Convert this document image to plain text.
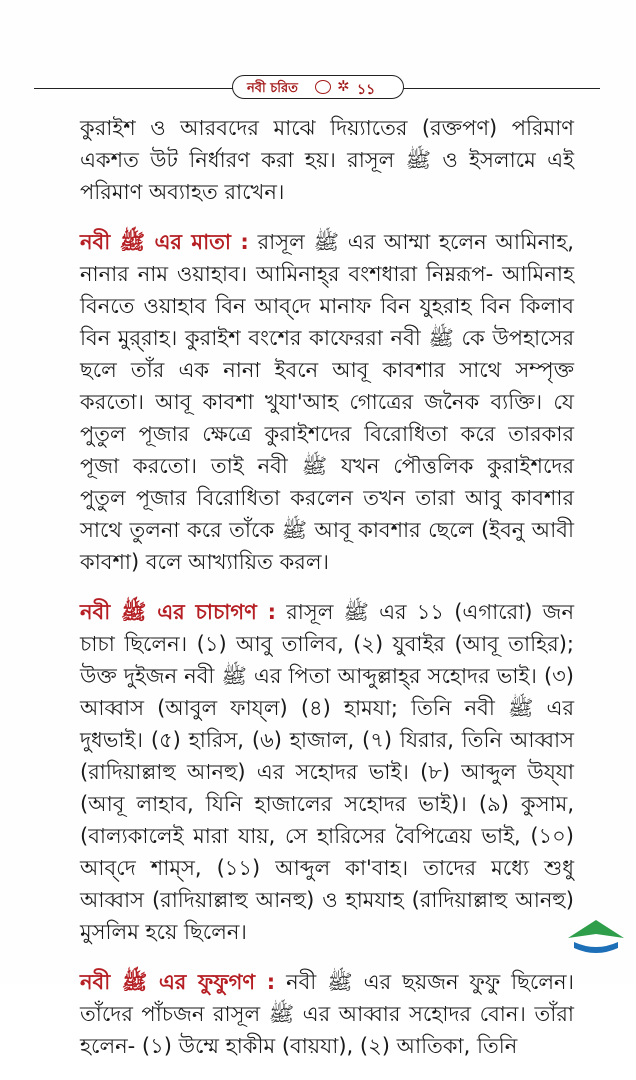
নবী চরিত	✲ ১১

কুরাইশ ও আরবদের মাঝে দিয়্যাতের (রক্তপণ) পরিমাণ একশত উট নির্ধারণ করা হয়। রাসূল ﷺ ও ইসলামে এই পরিমাণ অব্যাহত রাখেন।

নবী ﷺ এর মাতা : রাসূল ﷺ এর আম্মা হলেন আমিনাহ, নানার নাম ওয়াহাব। আমিনাহ্‌র বংশধারা নিম্নরূপ- আমিনাহ বিনতে ওয়াহাব বিন আব্‌দে মানাফ বিন যুহরাহ বিন কিলাব বিন মুর্‌রাহ। কুরাইশ বংশের কাফেররা নবী ﷺ কে উপহাসের ছলে তাঁর এক নানা ইবনে আবূ কাবশার সাথে সম্পৃক্ত করতো। আবূ কাবশা খুযা'আহ গোত্রের জনৈক ব্যক্তি। যে পুতুল পূজার ক্ষেত্রে কুরাইশদের বিরোধিতা করে তারকার পূজা করতো। তাই নবী ﷺ যখন পৌত্তলিক কুরাইশদের পুতুল পূজার বিরোধিতা করলেন তখন তারা আবু কাবশার সাথে তুলনা করে তাঁকে ﷺ আবূ কাবশার ছেলে (ইবনু আবী কাবশা) বলে আখ্যায়িত করল।

নবী ﷺ এর চাচাগণ : রাসূল ﷺ এর ১১ (এগারো) জন চাচা ছিলেন। (১) আবু তালিব, (২) যুবাইর (আবূ তাহির); উক্ত দুইজন নবী ﷺ এর পিতা আব্দুল্লাহ্‌র সহোদর ভাই। (৩) আব্বাস (আবুল ফায্‌ল) (৪) হামযা; তিনি নবী ﷺ এর দুধভাই। (৫) হারিস, (৬) হাজাল, (৭) যিরার, তিনি আব্বাস (রাদিয়াল্লাহু আনহু) এর সহোদর ভাই। (৮) আব্দুল উয্‌যা (আবূ লাহাব, যিনি হাজালের সহোদর ভাই)। (৯) কুসাম, (বাল্যকালেই মারা যায়, সে হারিসের বৈপিত্রেয় ভাই, (১০) আব্‌দে শাম্‌স, (১১) আব্দুল কা'বাহ। তাদের মধ্যে শুধু আব্বাস (রাদিয়াল্লাহু আনহু) ও হামযাহ (রাদিয়াল্লাহু আনহু) মুসলিম হয়ে ছিলেন।

নবী ﷺ এর ফুফুগণ : নবী ﷺ এর ছয়জন ফুফু ছিলেন। তাঁদের পাঁচজন রাসূল ﷺ এর আব্বার সহোদর বোন। তাঁরা হলেন- (১) উম্মে হাকীম (বায়যা), (২) আতিকা, তিনি
